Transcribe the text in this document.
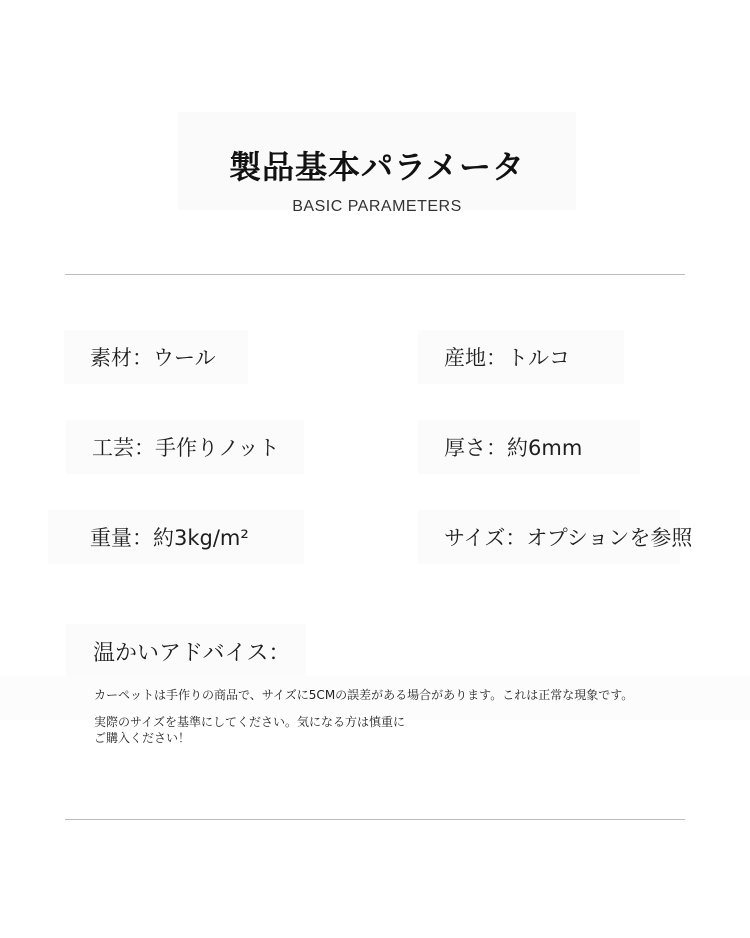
製品基本パラメータ
BASIC PARAMETERS
素材：ウール	産地：トルコ
工芸：手作りノット	厚さ：約6mm
重量：約3kg/m²	サイズ：オプションを参照
温かいアドバイス：
カーペットは手作りの商品で、サイズに5CMの誤差がある場合があります。これは正常な現象です。
実際のサイズを基準にしてください。気になる方は慎重に
ご購入ください！
